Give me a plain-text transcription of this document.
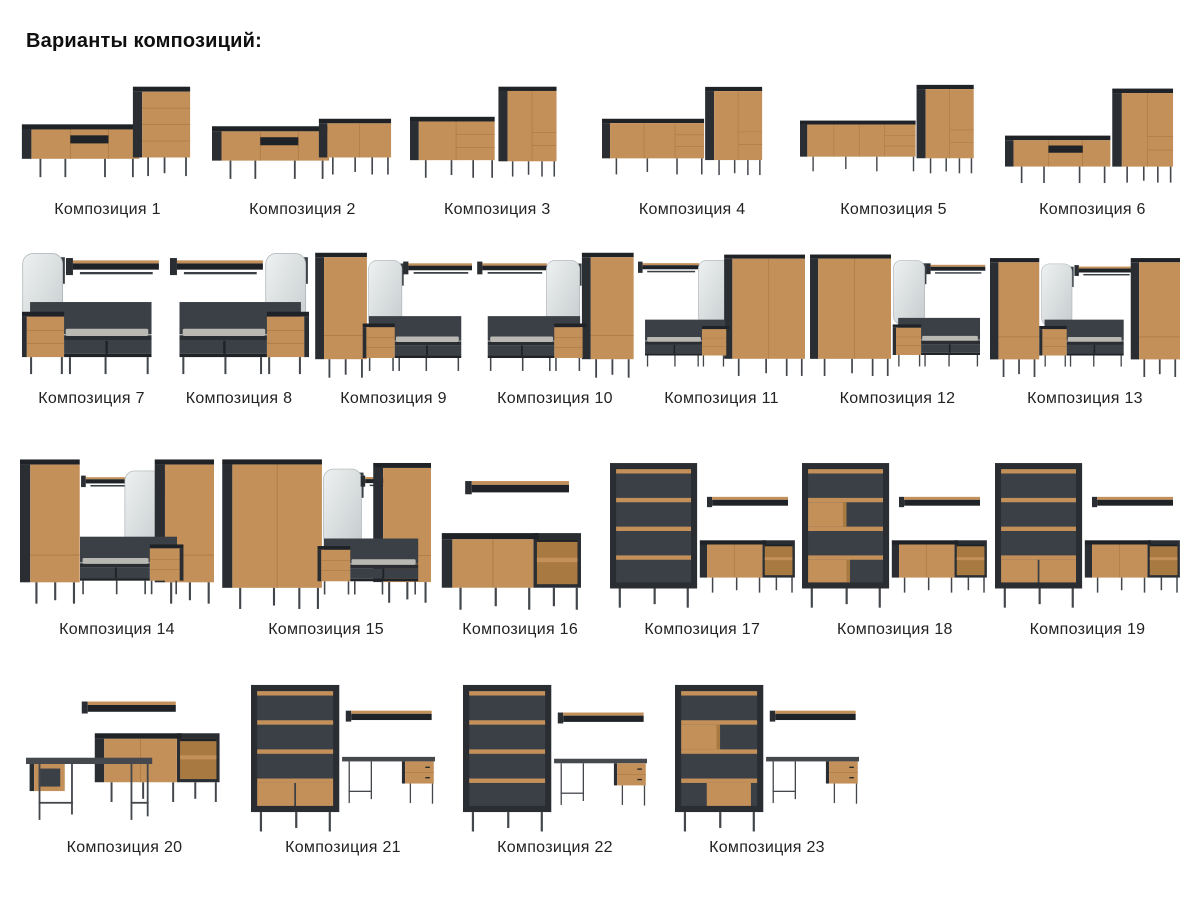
Варианты композиций:
Композиция 1	Композиция 2	Композиция 3	Композиция 4	Композиция 5	Композиция 6
Композиция 7	Композиция 8	Композиция 9	Композиция 10	Композиция 11	Композиция 12	Композиция 13
Композиция 14	Композиция 15	Композиция 16	Композиция 17	Композиция 18	Композиция 19
Композиция 20	Композиция 21	Композиция 22	Композиция 23
